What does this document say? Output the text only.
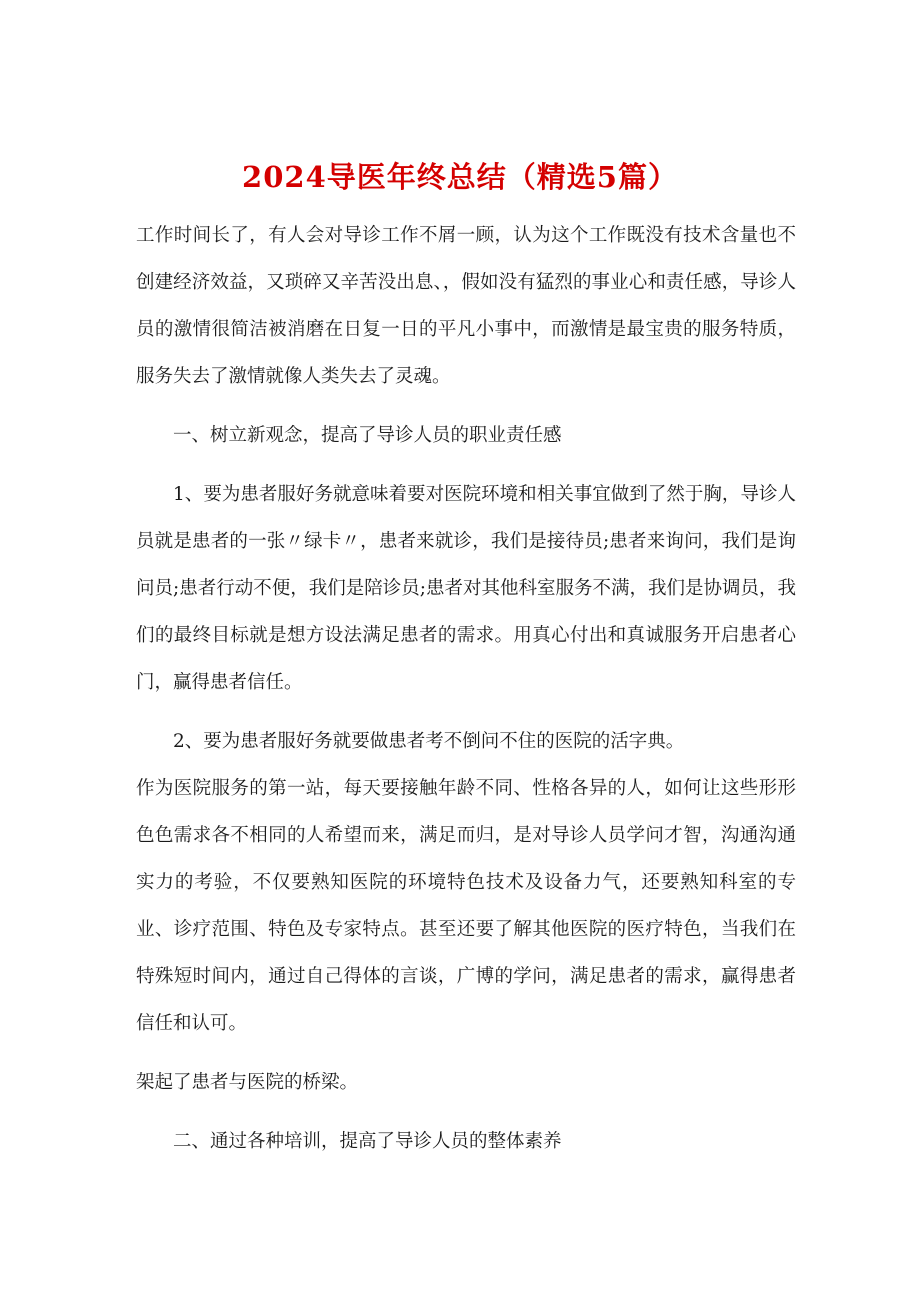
2024导医年终总结（精选5篇）

工作时间长了，有人会对导诊工作不屑一顾，认为这个工作既没有技术含量也不创建经济效益，又琐碎又辛苦没出息、，假如没有猛烈的事业心和责任感，导诊人员的激情很简洁被消磨在日复一日的平凡小事中，而激情是最宝贵的服务特质，服务失去了激情就像人类失去了灵魂。

一、树立新观念，提高了导诊人员的职业责任感

1、要为患者服好务就意味着要对医院环境和相关事宜做到了然于胸，导诊人员就是患者的一张〃绿卡〃，患者来就诊，我们是接待员;患者来询问，我们是询问员;患者行动不便，我们是陪诊员;患者对其他科室服务不满，我们是协调员，我们的最终目标就是想方设法满足患者的需求。用真心付出和真诚服务开启患者心门，赢得患者信任。

2、要为患者服好务就要做患者考不倒问不住的医院的活字典。

作为医院服务的第一站，每天要接触年龄不同、性格各异的人，如何让这些形形色色需求各不相同的人希望而来，满足而归，是对导诊人员学问才智，沟通沟通实力的考验，不仅要熟知医院的环境特色技术及设备力气，还要熟知科室的专业、诊疗范围、特色及专家特点。甚至还要了解其他医院的医疗特色，当我们在特殊短时间内，通过自己得体的言谈，广博的学问，满足患者的需求，赢得患者信任和认可。

架起了患者与医院的桥梁。

二、通过各种培训，提高了导诊人员的整体素养
